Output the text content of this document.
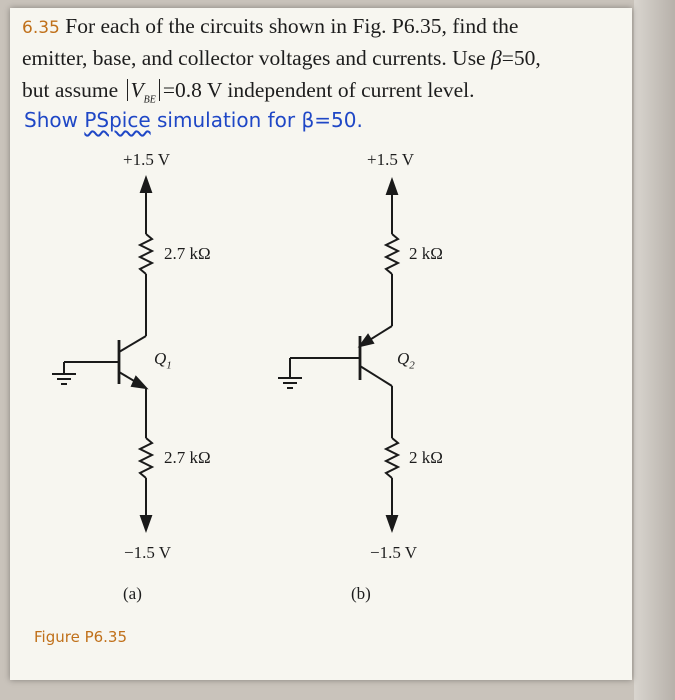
6.35 For each of the circuits shown in Fig. P6.35, find the
emitter, base, and collector voltages and currents. Use β=50,
but assume $V_{BE} =0.8$ V independent of current level.
Show PSpice simulation for β=50.
+1.5 V
2.7 kΩ
$Q_1$
2.7 kΩ
−1.5 V
(a)
+1.5 V
2 kΩ
$Q_2$
2 kΩ
−1.5 V
(b)
Figure P6.35
